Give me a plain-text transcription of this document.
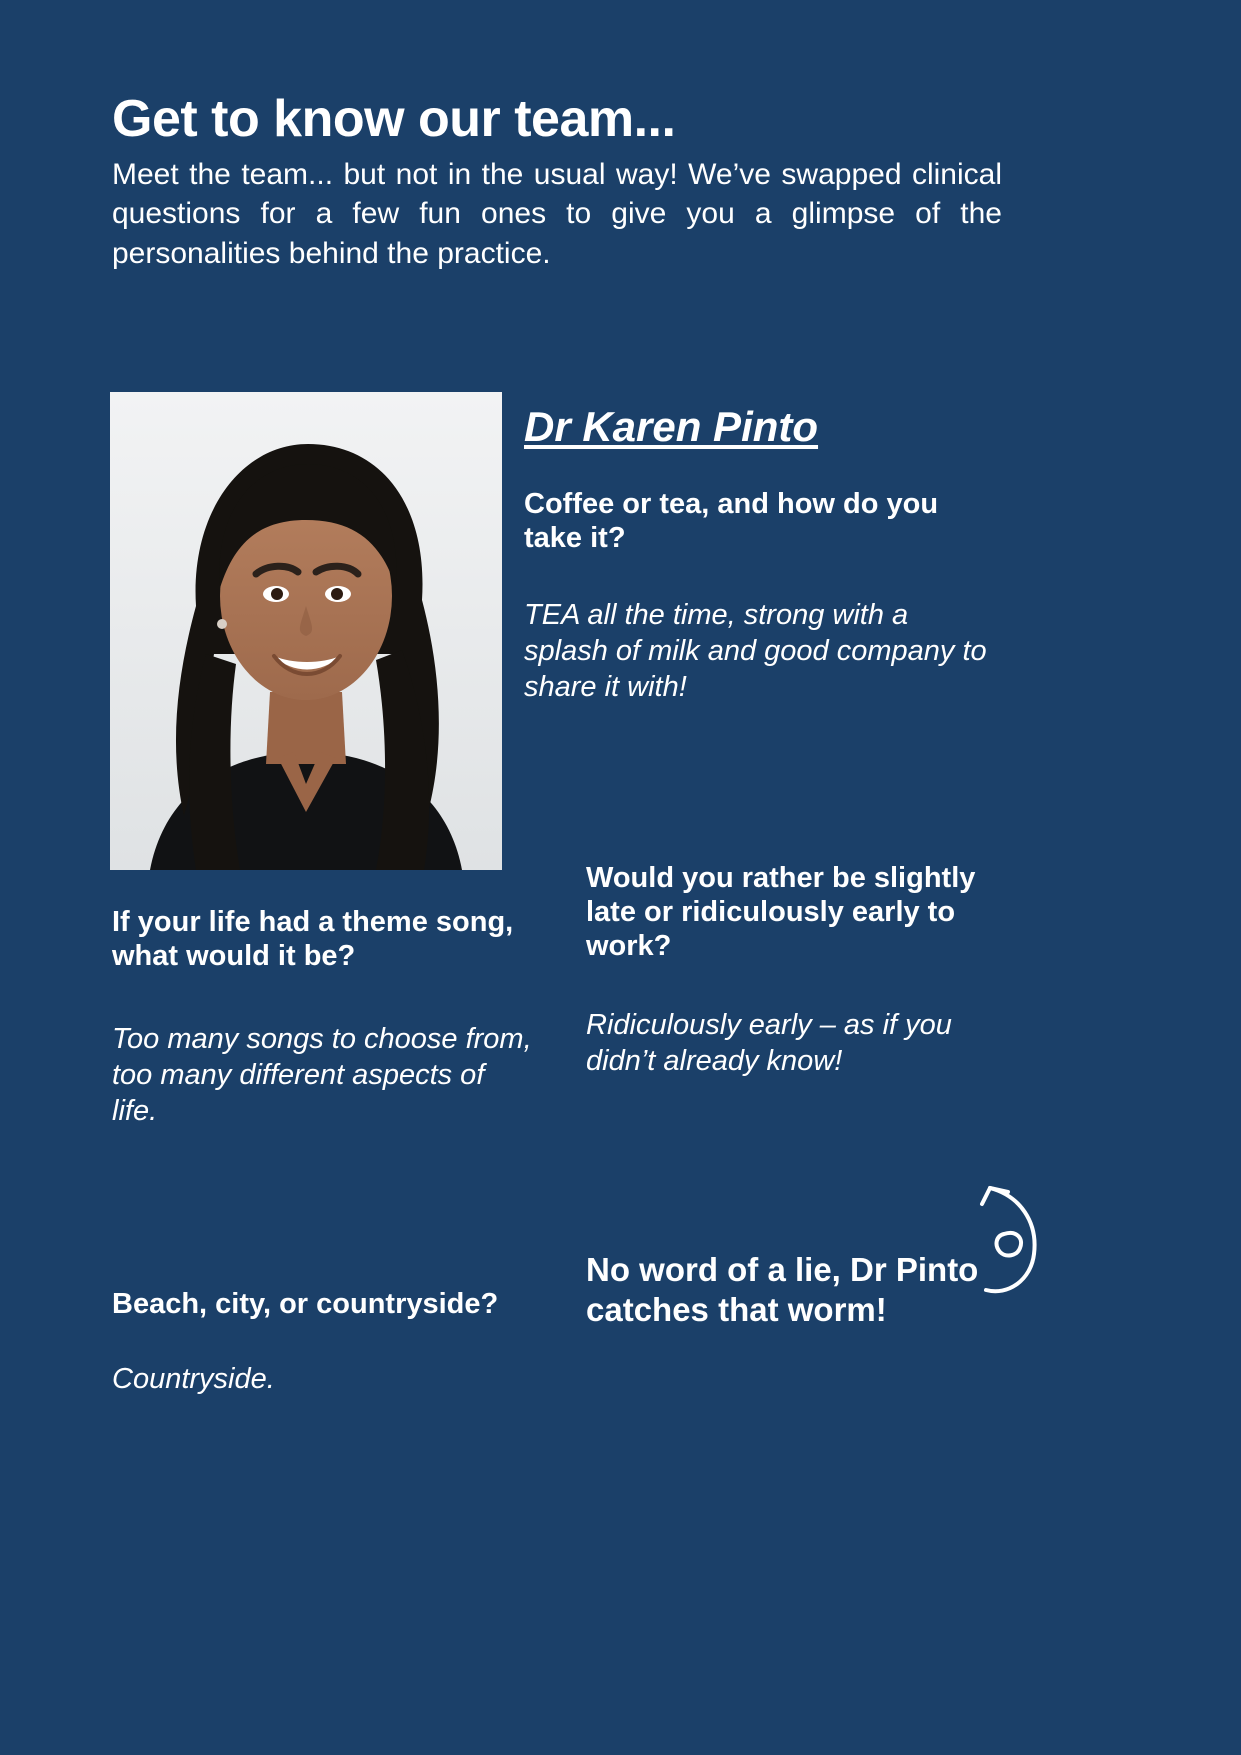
Get to know our team...

Meet the team... but not in the usual way! We’ve swapped clinical questions for a few fun ones to give you a glimpse of the personalities behind the practice.

Dr Karen Pinto

Coffee or tea, and how do you take it?

TEA all the time, strong with a splash of milk and good company to share it with!

If your life had a theme song, what would it be?

Too many songs to choose from, too many different aspects of life.

Beach, city, or countryside?

Countryside.

Would you rather be slightly late or ridiculously early to work?

Ridiculously early – as if you didn’t already know!

No word of a lie, Dr Pinto catches that worm!
